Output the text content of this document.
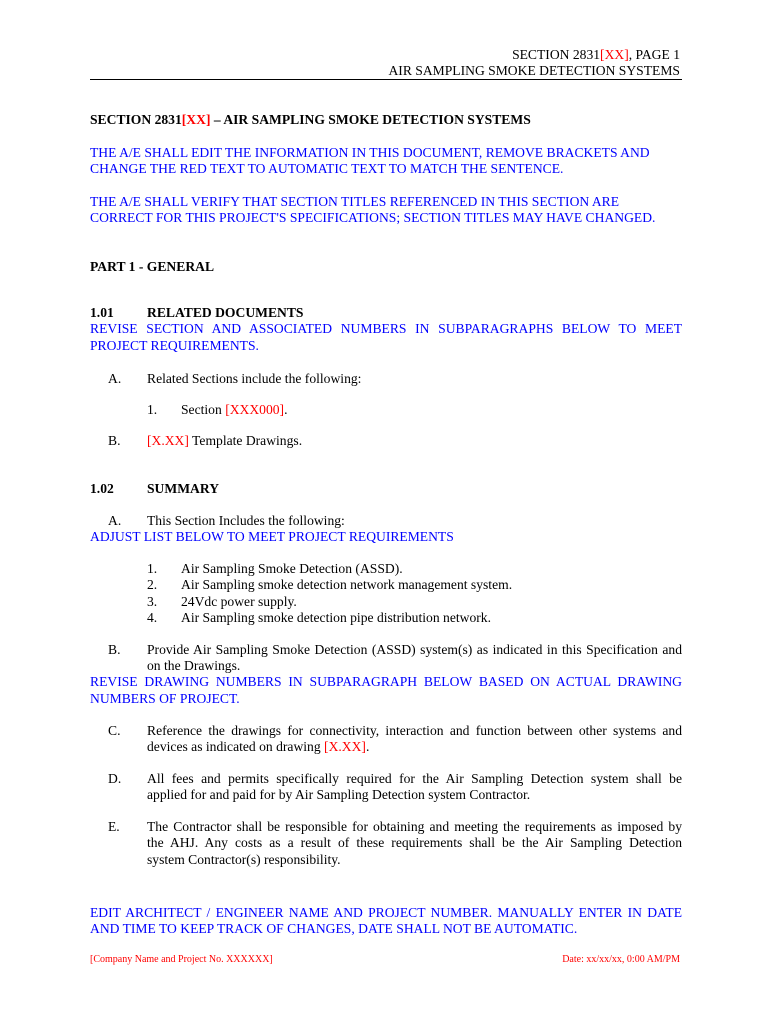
SECTION 2831[XX], PAGE 1
AIR SAMPLING SMOKE DETECTION SYSTEMS
SECTION 2831[XX] – AIR SAMPLING SMOKE DETECTION SYSTEMS
THE A/E SHALL EDIT THE INFORMATION IN THIS DOCUMENT, REMOVE BRACKETS AND
CHANGE THE RED TEXT TO AUTOMATIC TEXT TO MATCH THE SENTENCE.
THE A/E SHALL VERIFY THAT SECTION TITLES REFERENCED IN THIS SECTION ARE
CORRECT FOR THIS PROJECT'S SPECIFICATIONS; SECTION TITLES MAY HAVE CHANGED.
PART 1 - GENERAL
1.01 RELATED DOCUMENTS
REVISE SECTION AND ASSOCIATED NUMBERS IN SUBPARAGRAPHS BELOW TO MEET
PROJECT REQUIREMENTS.
A. Related Sections include the following:
1. Section [XXX000].
B. [X.XX] Template Drawings.
1.02 SUMMARY
A. This Section Includes the following:
ADJUST LIST BELOW TO MEET PROJECT REQUIREMENTS
1. Air Sampling Smoke Detection (ASSD).
2. Air Sampling smoke detection network management system.
3. 24Vdc power supply.
4. Air Sampling smoke detection pipe distribution network.
B. Provide Air Sampling Smoke Detection (ASSD) system(s) as indicated in this Specification and
on the Drawings.
REVISE DRAWING NUMBERS IN SUBPARAGRAPH BELOW BASED ON ACTUAL DRAWING
NUMBERS OF PROJECT.
C. Reference the drawings for connectivity, interaction and function between other systems and
devices as indicated on drawing [X.XX].
D. All fees and permits specifically required for the Air Sampling Detection system shall be
applied for and paid for by Air Sampling Detection system Contractor.
E. The Contractor shall be responsible for obtaining and meeting the requirements as imposed by
the AHJ. Any costs as a result of these requirements shall be the Air Sampling Detection
system Contractor(s) responsibility.
EDIT ARCHITECT / ENGINEER NAME AND PROJECT NUMBER. MANUALLY ENTER IN DATE
AND TIME TO KEEP TRACK OF CHANGES, DATE SHALL NOT BE AUTOMATIC.
[Company Name and Project No. XXXXXX]	Date: xx/xx/xx, 0:00 AM/PM
